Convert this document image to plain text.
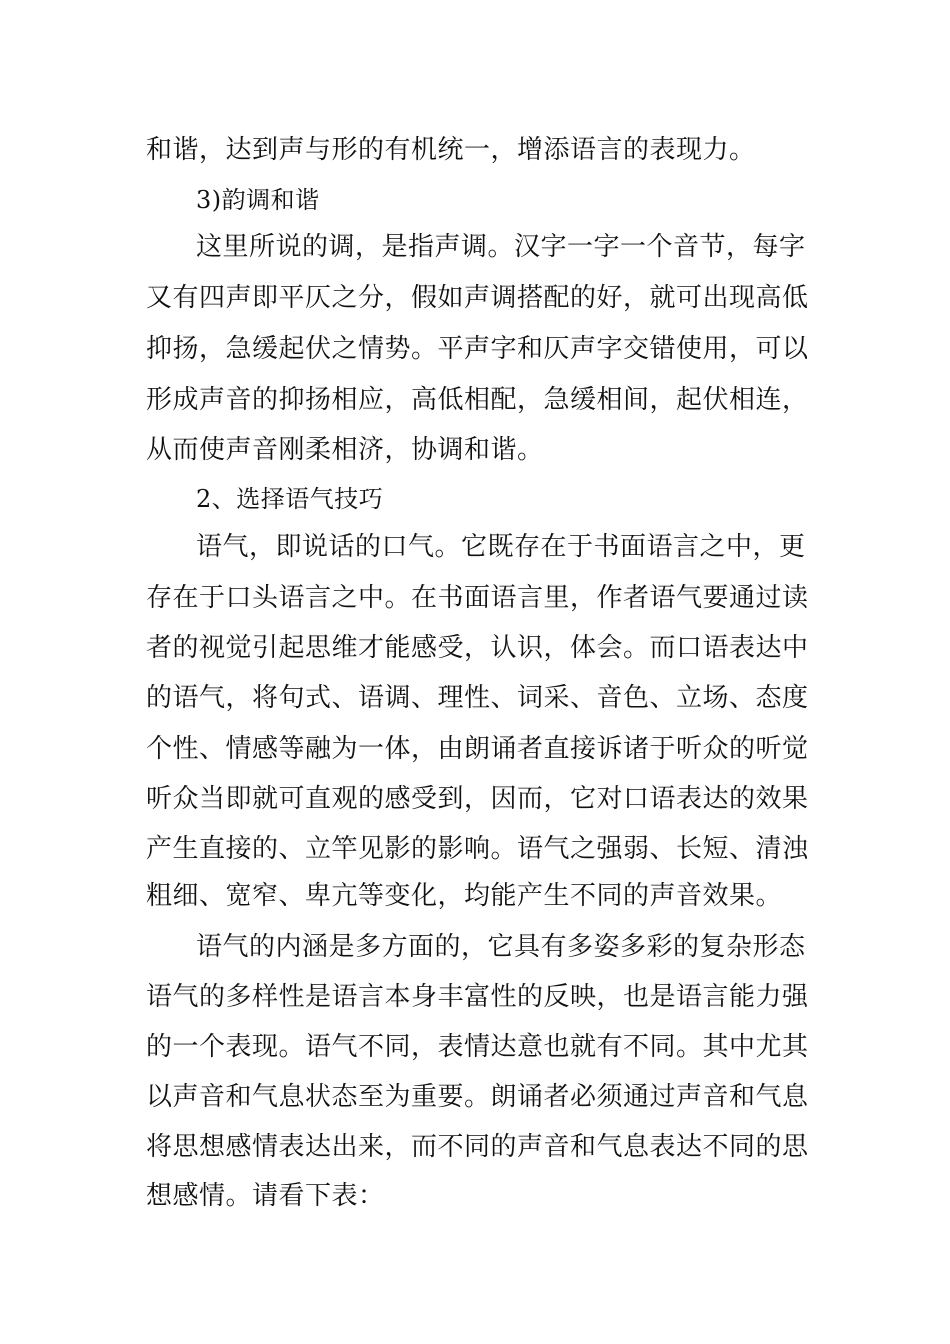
和谐，达到声与形的有机统一，增添语言的表现力。
3)韵调和谐
这里所说的调，是指声调。汉字一字一个音节，每字
又有四声即平仄之分，假如声调搭配的好，就可出现高低
抑扬，急缓起伏之情势。平声字和仄声字交错使用，可以
形成声音的抑扬相应，高低相配，急缓相间，起伏相连，
从而使声音刚柔相济，协调和谐。
2、选择语气技巧
语气，即说话的口气。它既存在于书面语言之中，更
存在于口头语言之中。在书面语言里，作者语气要通过读
者的视觉引起思维才能感受，认识，体会。而口语表达中
的语气，将句式、语调、理性、词采、音色、立场、态度
个性、情感等融为一体，由朗诵者直接诉诸于听众的听觉
听众当即就可直观的感受到，因而，它对口语表达的效果
产生直接的、立竿见影的影响。语气之强弱、长短、清浊
粗细、宽窄、卑亢等变化，均能产生不同的声音效果。
语气的内涵是多方面的，它具有多姿多彩的复杂形态
语气的多样性是语言本身丰富性的反映，也是语言能力强
的一个表现。语气不同，表情达意也就有不同。其中尤其
以声音和气息状态至为重要。朗诵者必须通过声音和气息
将思想感情表达出来，而不同的声音和气息表达不同的思
想感情。请看下表：
